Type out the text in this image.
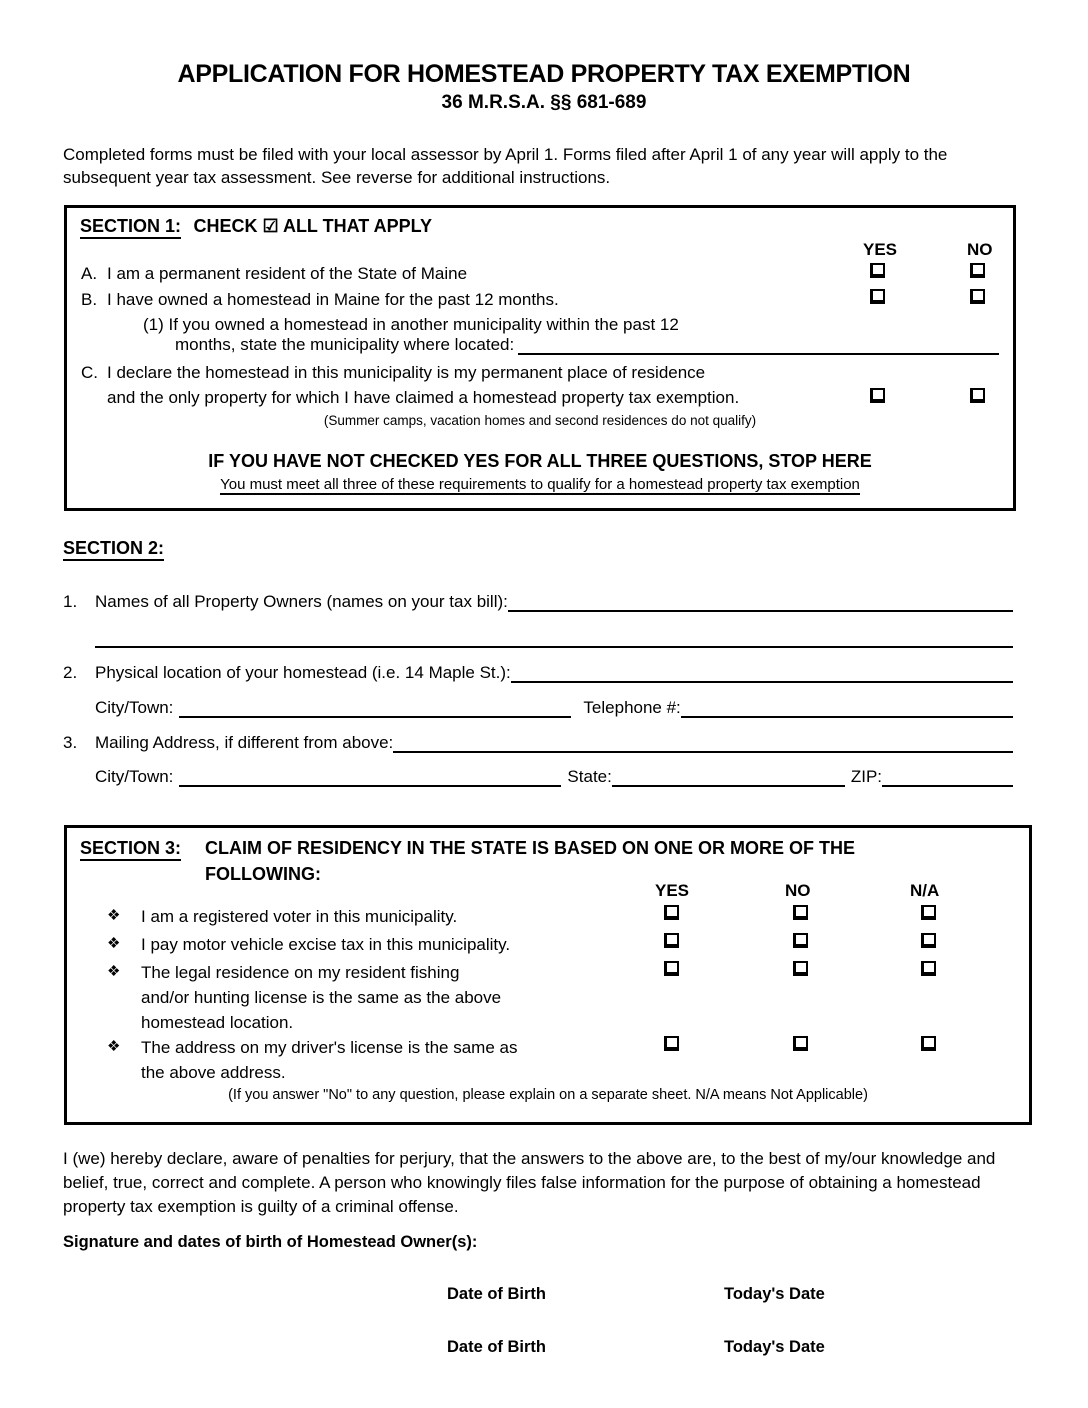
APPLICATION FOR HOMESTEAD PROPERTY TAX EXEMPTION
36 M.R.S.A. §§ 681-689
Completed forms must be filed with your local assessor by April 1. Forms filed after April 1 of any year will apply to the subsequent year tax assessment. See reverse for additional instructions.
SECTION 1: CHECK ☑ ALL THAT APPLY
YES	NO
A. I am a permanent resident of the State of Maine
B. I have owned a homestead in Maine for the past 12 months.
(1) If you owned a homestead in another municipality within the past 12
months, state the municipality where located:
C. I declare the homestead in this municipality is my permanent place of residence
and the only property for which I have claimed a homestead property tax exemption.
(Summer camps, vacation homes and second residences do not qualify)
IF YOU HAVE NOT CHECKED YES FOR ALL THREE QUESTIONS, STOP HERE
You must meet all three of these requirements to qualify for a homestead property tax exemption
SECTION 2:
1.	Names of all Property Owners (names on your tax bill):
2.	Physical location of your homestead (i.e. 14 Maple St.):
City/Town:	Telephone #:
3.	Mailing Address, if different from above:
City/Town:	State:	ZIP:
SECTION 3: CLAIM OF RESIDENCY IN THE STATE IS BASED ON ONE OR MORE OF THE
FOLLOWING:
YES	NO	N/A
❖ I am a registered voter in this municipality.
❖ I pay motor vehicle excise tax in this municipality.
❖ The legal residence on my resident fishing
and/or hunting license is the same as the above
homestead location.
❖ The address on my driver's license is the same as
the above address.
(If you answer "No" to any question, please explain on a separate sheet. N/A means Not Applicable)
I (we) hereby declare, aware of penalties for perjury, that the answers to the above are, to the best of my/our knowledge and belief, true, correct and complete. A person who knowingly files false information for the purpose of obtaining a homestead property tax exemption is guilty of a criminal offense.
Signature and dates of birth of Homestead Owner(s):
Date of Birth	Today's Date
Date of Birth	Today's Date
